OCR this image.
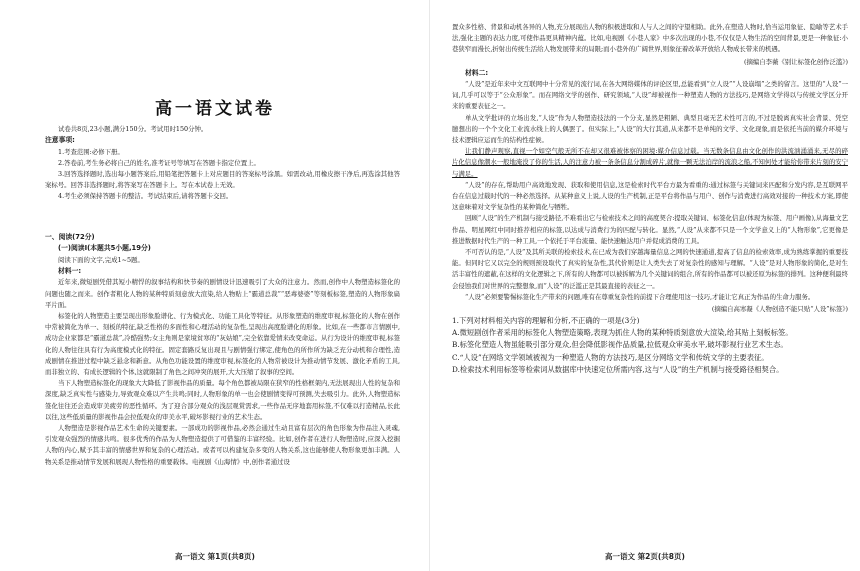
高一语文试卷

试卷共8页,23小题,满分150分。考试用时150分钟。

注意事项:

1.考查范围:必修下册。

2.答卷前,考生务必将自己的姓名,准考证号等填写在答题卡指定位置上。

3.回答选择题时,选出每小题答案后,用铅笔把答题卡上对应题目的答案标号涂黑。如需改动,用橡皮擦干净后,再选涂其他答案标号。回答非选择题时,将答案写在答题卡上。写在本试卷上无效。

4.考生必须保持答题卡的整洁。考试结束后,请将答题卡交回。

一、阅读(72分)

(一)阅读Ⅰ(本题共5小题,19分)

阅读下面的文字,完成1~5题。

材料一:

近年来,微短剧凭借其短小精悍的叙事结构和快节奏的剧情设计迅速吸引了大众的注意力。然而,创作中人物塑造标签化的问题也随之而来。创作者粗化人物的某种特质刻意放大渲染,给人物贴上“霸道总裁”“恶毒婆婆”等刻板标签,塑造的人物形象扁平片面。

标签化的人物塑造主要呈现出形象脸谱化、行为模式化、功能工具化等特征。从形象塑造的维度审视,标签化的人物在创作中常被简化为单一、刻板的特征,缺乏性格的多面性和心理活动的复杂性,呈现出高度脸谱化的形象。比如,在一些都市言情剧中,成功企业家都是“霸道总裁”,冷酷强势;女主角则是家境贫寒的“灰姑娘”,完全依靠爱情来改变命运。从行为设计的维度审视,标签化的人物往往具有行为高度模式化的特征。固定套路反复出现且与剧情强行绑定,使角色的所作所为缺乏充分动机和合理性,造成剧情在推进过程中缺乏悬念和新意。从角色功能设置的维度审视,标签化的人物常被设计为推动情节发展、激化矛盾的工具,而非独立的、有成长逻辑的个体,这就限制了角色之间冲突的展开,大大压缩了叙事的空间。

当下人物塑造标签化的现象大大降低了影视作品的质量。每个角色都被局限在狭窄的性格框架内,无法展现出人性的复杂和深度,缺乏真实性与感染力,导致观众难以产生共鸣;同时,人物形象的单一也会使剧情变得可预测,失去吸引力。此外,人物塑造标签化往往还会造成审美疲劳的恶性循环。为了迎合部分观众的浅层观赏需求,一些作品无序地套用标签,不仅难以打造精品,长此以往,这些低质量的影视作品会拉低观众的审美水平,破坏影视行业的艺术生态。

人物塑造是影视作品艺术生命的关键要素。一部成功的影视作品,必然会通过生动且富有层次的角色形象为作品注入灵魂,引发观众强烈的情感共鸣。很多优秀的作品为人物塑造提供了可借鉴的丰富经验。比如,创作者在进行人物塑造时,应深入挖掘人物的内心,赋予其丰富的情感世界和复杂的心理活动。或者可以构建复杂多变的人物关系,这也能够使人物形象更加丰满。人物关系是推动情节发展和展现人物性格的重要载体。电视剧《山海情》中,创作者通过设

高一语文 第1页(共8页)

置众多性格、背景和动机各异的人物,充分展现出人物的积极进取和人与人之间的守望相助。此外,在塑造人物时,恰当运用象征、隐喻等艺术手法,强化主题的表达力度,可使作品更具精神内蕴。比如,电视剧《小巷人家》中多次出现的小巷,不仅仅是人物生活的空间背景,更是一种象征:小巷狭窄而漫长,折射出传统生活给人物发展带来的局限;而小巷外的广阔世界,则象征着改革开放给人物成长带来的机遇。

(摘编自李薇《别让标签化创作泛滥》)

材料二:

“人设”是近年来中文互联网中十分常见的流行词,在各大网络媒体的评论区里,总能看到“立人设”“人设崩塌”之类的留言。这里的“人设”一词,几乎可以等于“公众形象”。而在网络文学的创作、研究领域,“人设”却被视作一种塑造人物的方法技巧,是网络文学得以与传统文学区分开来的重要表征之一。

单从文学批评的立场出发,“人设”作为人物塑造技法的一个分支,显然是粗陋、典型且毫无艺术性可言的,不过是脱离真实社会背景、凭空臆想出的一个个文化工业流水线上的人偶罢了。但实际上,“人设”的大行其道,从来都不是单纯的文学、文化现象,而是依托当前的媒介环境与技术逻辑应运而生的结构性症候。

让我们静声观察,直视一个如空气般无所不在却又很难被体察的困境:媒介信息过载。当无数条信息由文化创作的洪流汹涌涌来,无尽的碎片化信息像潮水一般地淹没了你的生活,人的注意力被一条条信息分割成碎片,就像一颗无法泊岸的流浪之船,不知何处才能给你带来片刻的安宁与满足。

“人设”的存在,帮助用户高效地发现、获取和使用信息,这是检索时代平台方最为看重的:通过标签与关键词来匹配和分发内容,是互联网平台在信息过载时代的一种必然选择。从某种意义上说,人设的生产机制,正是平台将作品与用户、创作与消费进行高效对接的一种技术方案,即使这意味着对文学复杂性的某种简化与牺牲。

回顾“人设”的生产机制与接受路径,不难看出它与检索技术之间的高度契合:提取关键词、标签化信息(体现为标签、用户画像),从海量文艺作品、明星网红中同时推荐相应的标签,以达成与消费行为的匹配与转化。显然,“人设”从来都不只是一个文学意义上的“人物形象”,它更像是推进数据时代生产的一种工具,一个依托于平台流量、能快速触达用户并促成消费的工具。

不可否认的是,“人设”及其所关联的检索技术,在已成为我们穿越海量信息之网的快速通道,提高了信息的检索效率,成为熟练掌握的重要技能。但同时它又以完全的规则预设取代了真实的复杂性,其代价则是让人类失去了对复杂性的感知与理解。“人设”是对人物形象的简化,是对生活丰富性的遮蔽,在这样的文化逻辑之下,所有的人物都可以被拆解为几个关键词的组合,所有的作品都可以被还原为标签的排列。这种便利最终会侵蚀我们对世界的完整想象,而“人设”的泛滥正是其最直接的表征之一。

“人设”必须要警惕标签化生产带来的问题,唯有在尊重复杂性的前提下合理使用这一技巧,才能让它真正为作品的生命力服务。

(摘编自高寒凝《人物创造不能只贴“人设”标签》)

1.下列对材料相关内容的理解和分析,不正确的一项是(3分)

A.微短剧创作者采用的标签化人物塑造策略,表现为抓住人物的某种特质刻意放大渲染,给其贴上刻板标签。

B.标签化塑造人物虽能吸引部分观众,但会降低影视作品质量,拉低观众审美水平,破坏影视行业艺术生态。

C.“人设”在网络文学领域被视为一种塑造人物的方法技巧,是区分网络文学和传统文学的主要表征。

D.检索技术利用标签等检索词从数据库中快速定位所需内容,这与“人设”的生产机制与接受路径相契合。

高一语文 第2页(共8页)
